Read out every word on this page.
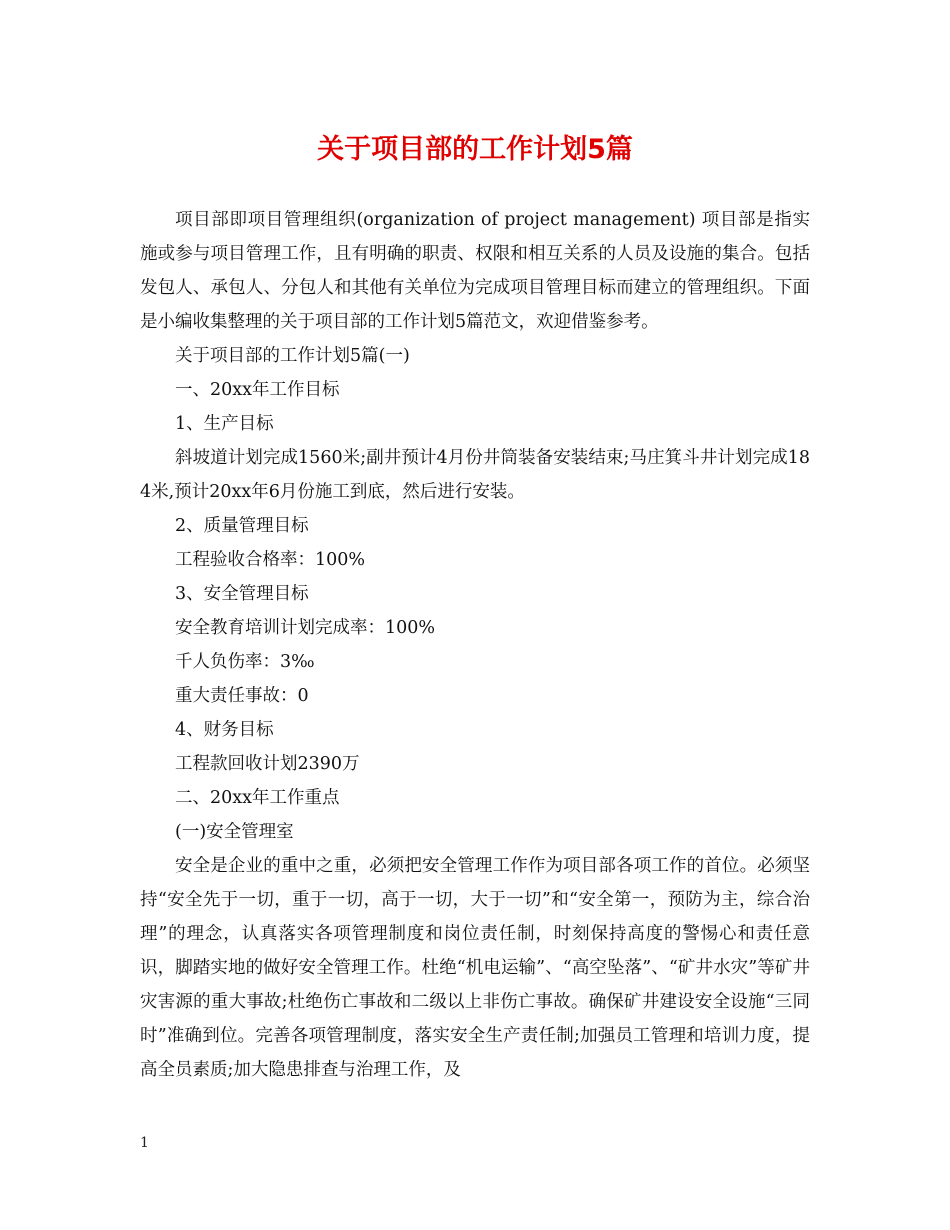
关于项目部的工作计划5篇

项目部即项目管理组织(organization of project management) 项目部是指实施或参与项目管理工作，且有明确的职责、权限和相互关系的人员及设施的集合。包括发包人、承包人、分包人和其他有关单位为完成项目管理目标而建立的管理组织。下面是小编收集整理的关于项目部的工作计划5篇范文，欢迎借鉴参考。

关于项目部的工作计划5篇(一)

一、20xx年工作目标

1、生产目标

斜坡道计划完成1560米;副井预计4月份井筒装备安装结束;马庄箕斗井计划完成184米,预计20xx年6月份施工到底，然后进行安装。

2、质量管理目标

工程验收合格率：100%

3、安全管理目标

安全教育培训计划完成率：100%

千人负伤率：3‰

重大责任事故：0

4、财务目标

工程款回收计划2390万

二、20xx年工作重点

(一)安全管理室

安全是企业的重中之重，必须把安全管理工作作为项目部各项工作的首位。必须坚持“安全先于一切，重于一切，高于一切，大于一切”和“安全第一，预防为主，综合治理”的理念，认真落实各项管理制度和岗位责任制，时刻保持高度的警惕心和责任意识，脚踏实地的做好安全管理工作。杜绝“机电运输”、“高空坠落”、“矿井水灾”等矿井灾害源的重大事故;杜绝伤亡事故和二级以上非伤亡事故。确保矿井建设安全设施“三同时”准确到位。完善各项管理制度，落实安全生产责任制;加强员工管理和培训力度，提高全员素质;加大隐患排查与治理工作，及

1
